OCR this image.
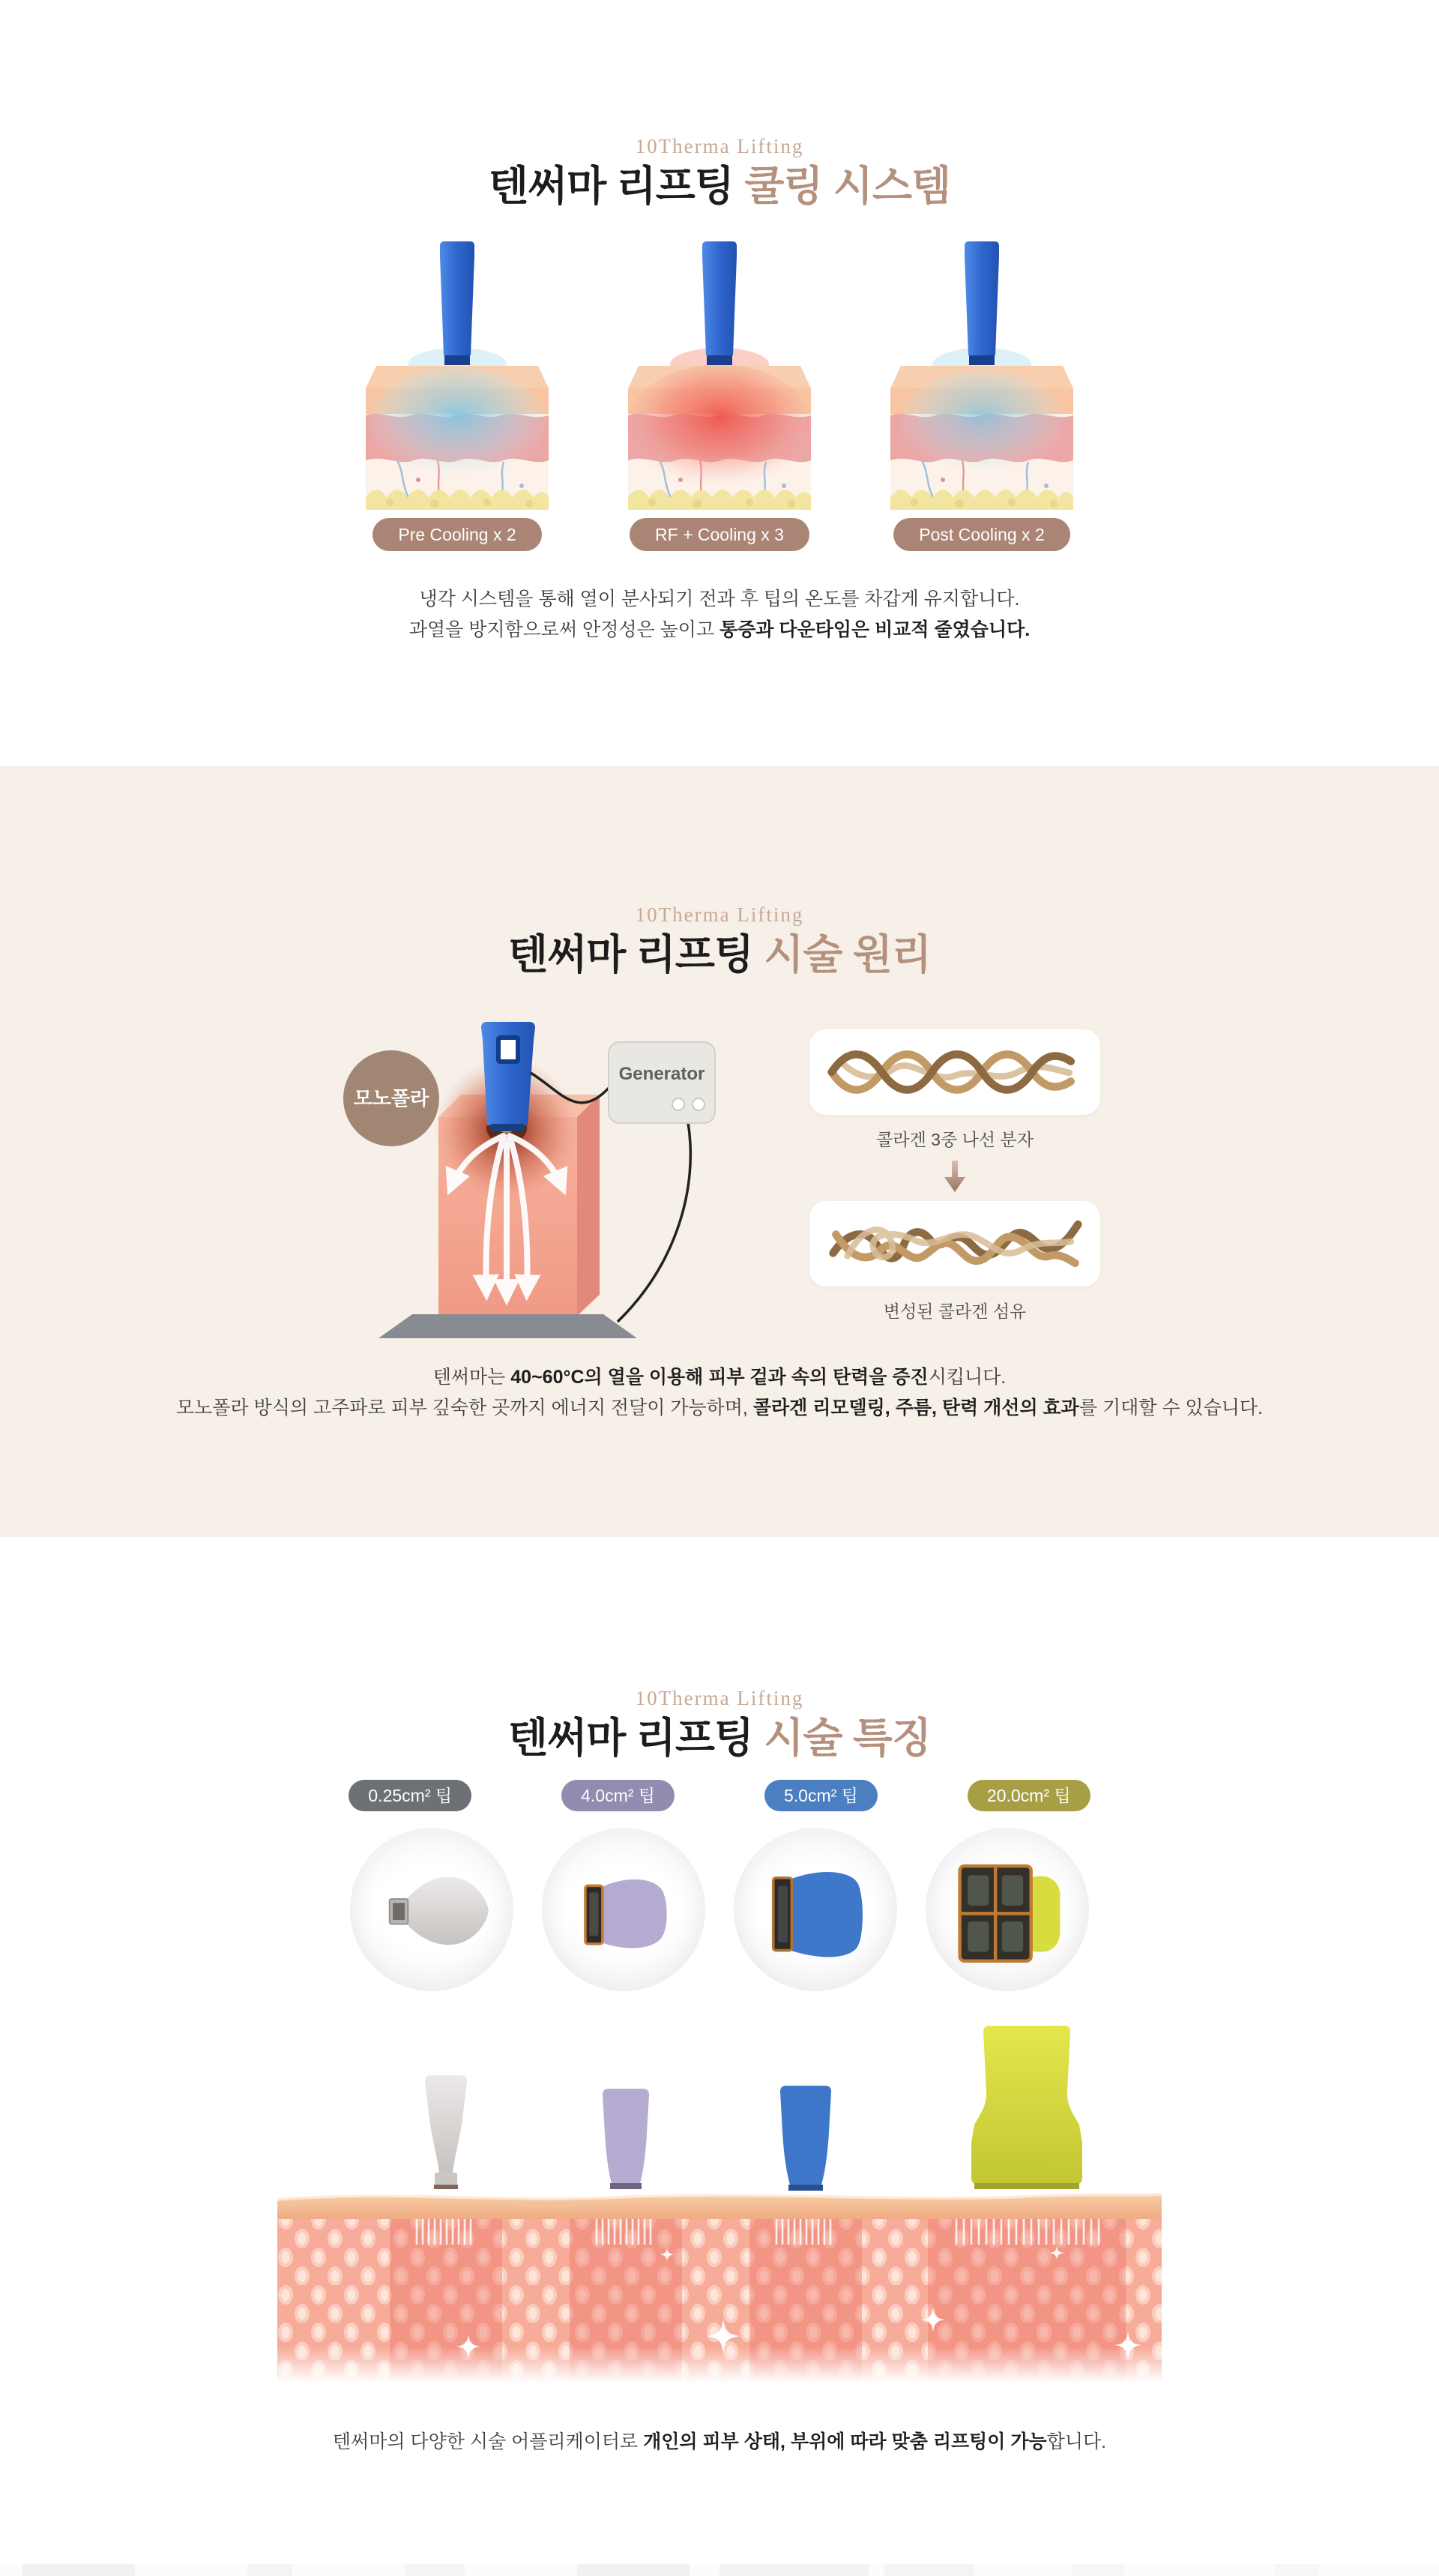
10Therma Lifting
텐써마 리프팅 쿨링 시스템
Pre Cooling x 2	RF + Cooling x 3	Post Cooling x 2

냉각 시스템을 통해 열이 분사되기 전과 후 팁의 온도를 차갑게 유지합니다.
과열을 방지함으로써 안정성은 높이고 통증과 다운타임은 비교적 줄였습니다.

10Therma Lifting
텐써마 리프팅 시술 원리
Generator
모노폴라
콜라겐 3중 나선 분자
변성된 콜라겐 섬유

텐써마는 40~60°C의 열을 이용해 피부 겉과 속의 탄력을 증진시킵니다.
모노폴라 방식의 고주파로 피부 깊숙한 곳까지 에너지 전달이 가능하며, 콜라겐 리모델링, 주름, 탄력 개선의 효과를 기대할 수 있습니다.

10Therma Lifting
텐써마 리프팅 시술 특징
0.25cm² 팁	4.0cm² 팁	5.0cm² 팁	20.0cm² 팁

텐써마의 다양한 시술 어플리케이터로 개인의 피부 상태, 부위에 따라 맞춤 리프팅이 가능합니다.
